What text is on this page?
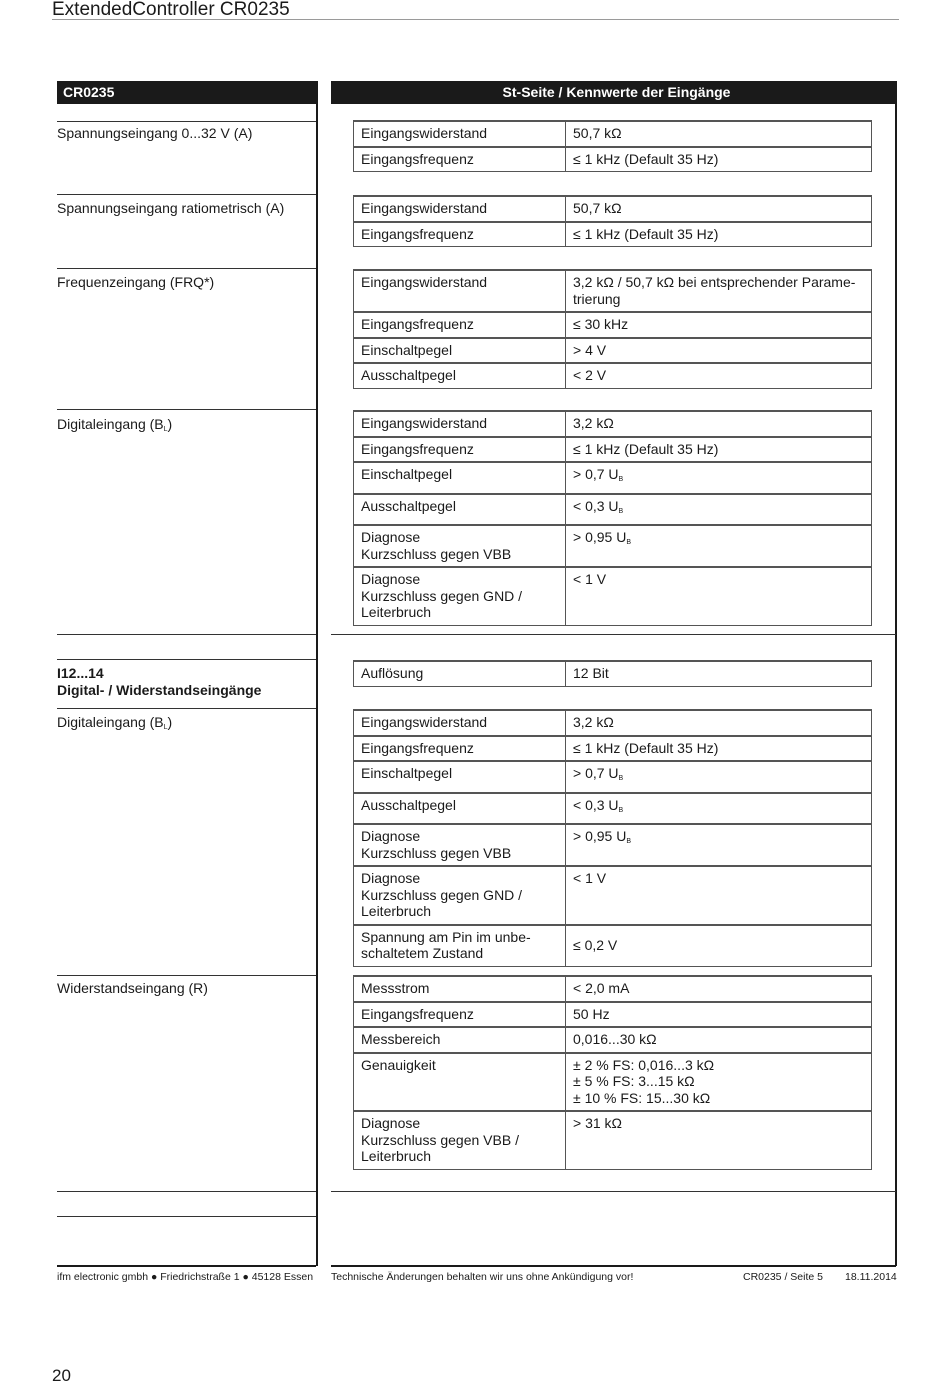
ExtendedController CR0235
CR0235	St-Seite / Kennwerte der Eingänge
Spannungseingang 0...32 V (A)	Eingangswiderstand	50,7 kΩ
Eingangsfrequenz	≤ 1 kHz (Default 35 Hz)
Spannungseingang ratiometrisch (A)	Eingangswiderstand	50,7 kΩ
Eingangsfrequenz	≤ 1 kHz (Default 35 Hz)
Frequenzeingang (FRQ*)	Eingangswiderstand	3,2 kΩ / 50,7 kΩ bei entsprechender Parame-
trierung
Eingangsfrequenz	≤ 30 kHz
Einschaltpegel	> 4 V
Ausschaltpegel	< 2 V
Digitaleingang $(B_L)$	Eingangswiderstand	3,2 kΩ
Eingangsfrequenz	≤ 1 kHz (Default 35 Hz)
Einschaltpegel	> 0,7 $U_B$
Ausschaltpegel	< 0,3 $U_B$
Diagnose
Kurzschluss gegen VBB	> 0,95 $U_B$
Diagnose
Kurzschluss gegen GND /
Leiterbruch	< 1 V
I12...14
Digital- / Widerstandseingänge
Auflösung	12 Bit
Digitaleingang $(B_L)$	Eingangswiderstand	3,2 kΩ
Eingangsfrequenz	≤ 1 kHz (Default 35 Hz)
Einschaltpegel	> 0,7 $U_B$
Ausschaltpegel	< 0,3 $U_B$
Diagnose
Kurzschluss gegen VBB	> 0,95 $U_B$
Diagnose
Kurzschluss gegen GND /
Leiterbruch	< 1 V
Spannung am Pin im unbe-
schaltetem Zustand	≤ 0,2 V
Widerstandseingang (R)	Messstrom	< 2,0 mA
Eingangsfrequenz	50 Hz
Messbereich	0,016...30 kΩ
Genauigkeit	± 2 % FS: 0,016...3 kΩ
± 5 % FS: 3...15 kΩ
± 10 % FS: 15...30 kΩ
Diagnose
Kurzschluss gegen VBB /
Leiterbruch	> 31 kΩ
ifm electronic gmbh ● Friedrichstraße 1 ● 45128 Essen Technische Änderungen behalten wir uns ohne Ankündigung vor!	CR0235 / Seite 5 18.11.2014
20
